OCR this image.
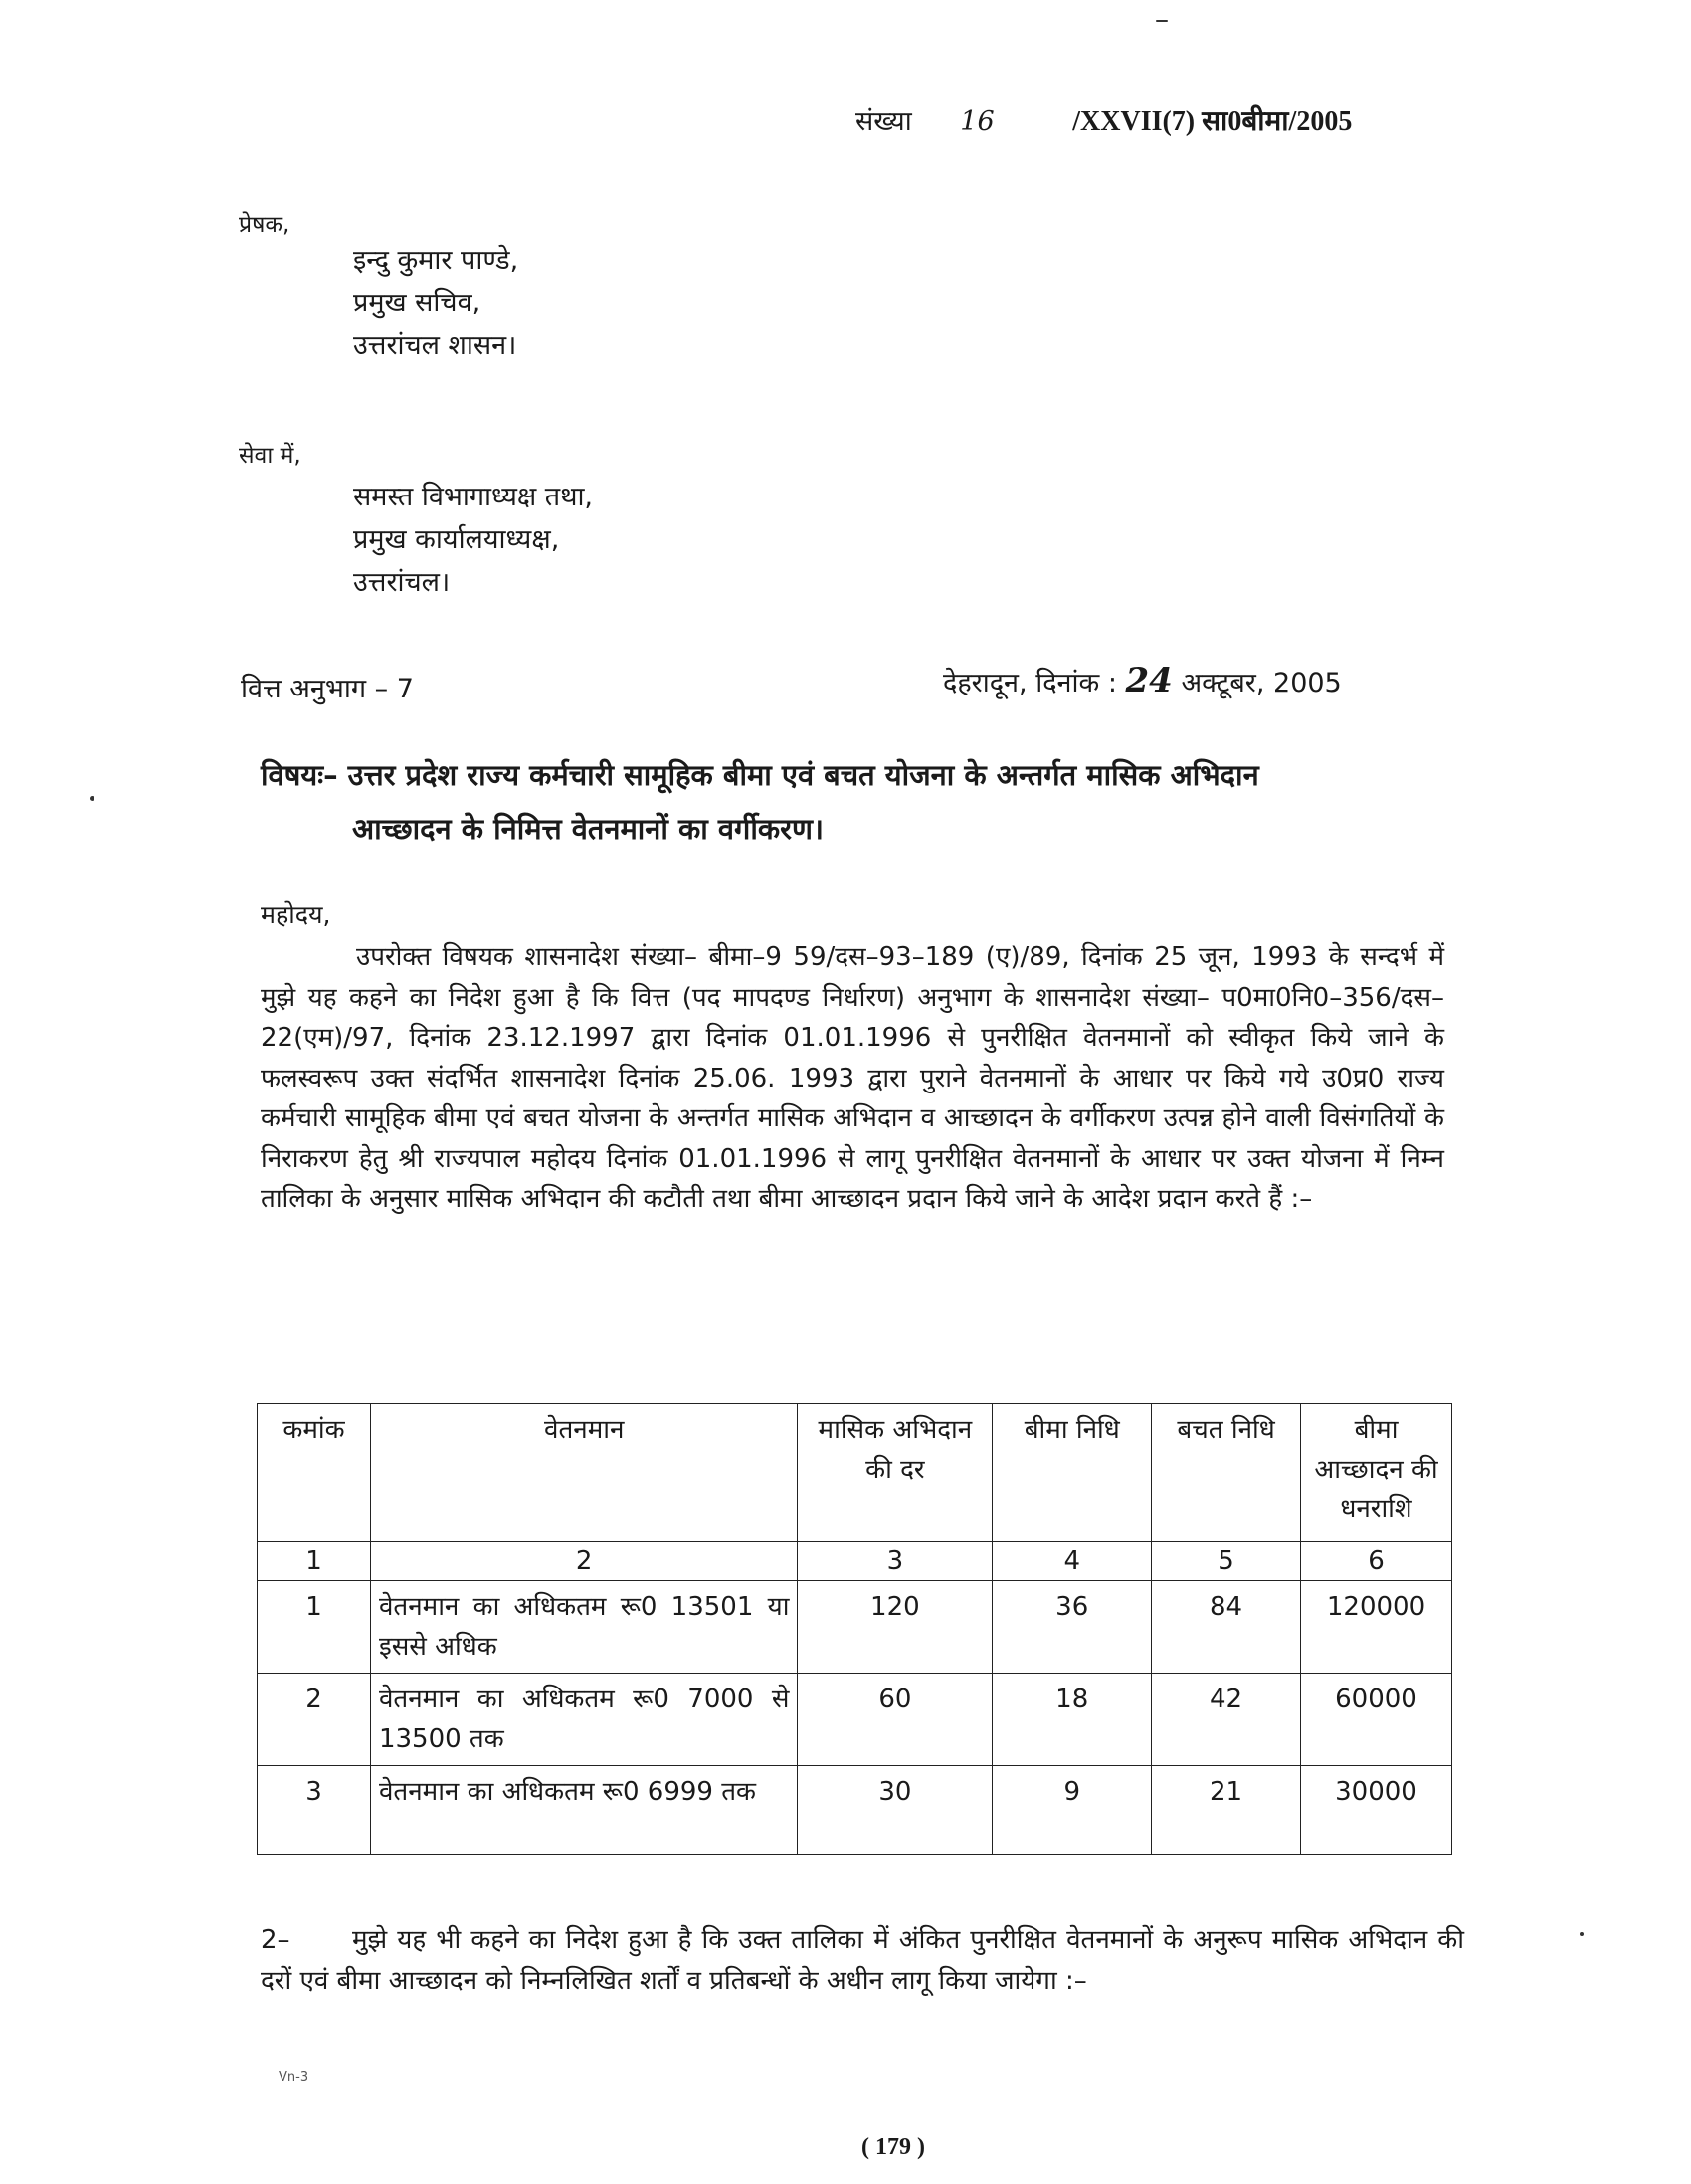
संख्या 16	/XXVII(7) सा0बीमा/2005
प्रेषक,
इन्दु कुमार पाण्डे,
प्रमुख सचिव,
उत्तरांचल शासन।
सेवा में,
समस्त विभागाध्यक्ष तथा,
प्रमुख कार्यालयाध्यक्ष,
उत्तरांचल।
वित्त अनुभाग – 7	देहरादून, दिनांक : 24 अक्टूबर, 2005
विषयः– उत्तर प्रदेश राज्य कर्मचारी सामूहिक बीमा एवं बचत योजना के अन्तर्गत मासिक अभिदान
आच्छादन के निमित्त वेतनमानों का वर्गीकरण।
महोदय,
उपरोक्त विषयक शासनादेश संख्या– बीमा–9 59/दस–93–189 (ए)/89, दिनांक 25 जून, 1993 के सन्दर्भ में मुझे यह कहने का निदेश हुआ है कि वित्त (पद मापदण्ड निर्धारण) अनुभाग के शासनादेश संख्या– प0मा0नि0–356/दस–22(एम)/97, दिनांक 23.12.1997 द्वारा दिनांक 01.01.1996 से पुनरीक्षित वेतनमानों को स्वीकृत किये जाने के फलस्वरूप उक्त संदर्भित शासनादेश दिनांक 25.06. 1993 द्वारा पुराने वेतनमानों के आधार पर किये गये उ0प्र0 राज्य कर्मचारी सामूहिक बीमा एवं बचत योजना के अन्तर्गत मासिक अभिदान व आच्छादन के वर्गीकरण उत्पन्न होने वाली विसंगतियों के निराकरण हेतु श्री राज्यपाल महोदय दिनांक 01.01.1996 से लागू पुनरीक्षित वेतनमानों के आधार पर उक्त योजना में निम्न तालिका के अनुसार मासिक अभिदान की कटौती तथा बीमा आच्छादन प्रदान किये जाने के आदेश प्रदान करते हैं :–
कमांक	वेतनमान	मासिक अभिदान की दर	बीमा निधि	बचत निधि	बीमा आच्छादन की धनराशि
1	2	3	4	5	6
1	वेतनमान का अधिकतम रू0 13501 या इससे अधिक	120	36	84	120000
2	वेतनमान का अधिकतम रू0 7000 से 13500 तक	60	18	42	60000
3	वेतनमान का अधिकतम रू0 6999 तक	30	9	21	30000
2– मुझे यह भी कहने का निदेश हुआ है कि उक्त तालिका में अंकित पुनरीक्षित वेतनमानों के अनुरूप मासिक अभिदान की दरों एवं बीमा आच्छादन को निम्नलिखित शर्तों व प्रतिबन्धों के अधीन लागू किया जायेगा :–
Vn-3
( 179 )
